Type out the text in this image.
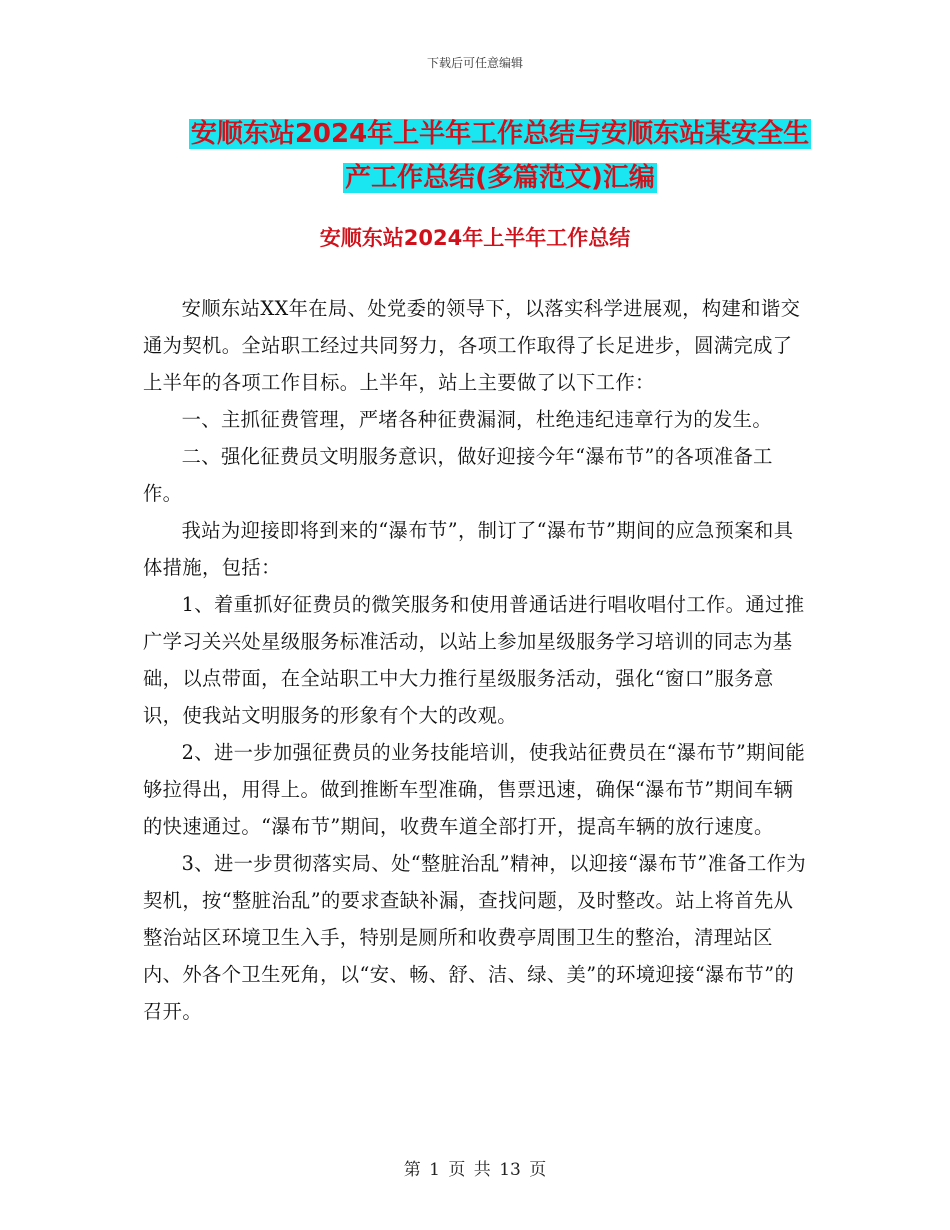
下载后可任意编辑
安顺东站2024年上半年工作总结与安顺东站某安全生
产工作总结(多篇范文)汇编
安顺东站2024年上半年工作总结

安顺东站XX年在局、处党委的领导下，以落实科学进展观，构建和谐交通为契机。全站职工经过共同努力，各项工作取得了长足进步，圆满完成了上半年的各项工作目标。上半年，站上主要做了以下工作：

一、主抓征费管理，严堵各种征费漏洞，杜绝违纪违章行为的发生。

二、强化征费员文明服务意识，做好迎接今年“瀑布节”的各项准备工作。

我站为迎接即将到来的“瀑布节”，制订了“瀑布节”期间的应急预案和具体措施，包括：

1、着重抓好征费员的微笑服务和使用普通话进行唱收唱付工作。通过推广学习关兴处星级服务标准活动，以站上参加星级服务学习培训的同志为基础，以点带面，在全站职工中大力推行星级服务活动，强化“窗口”服务意识，使我站文明服务的形象有个大的改观。

2、进一步加强征费员的业务技能培训，使我站征费员在“瀑布节”期间能够拉得出，用得上。做到推断车型准确，售票迅速，确保“瀑布节”期间车辆的快速通过。“瀑布节”期间，收费车道全部打开，提高车辆的放行速度。

3、进一步贯彻落实局、处“整脏治乱”精神，以迎接“瀑布节”准备工作为契机，按“整脏治乱”的要求查缺补漏，查找问题，及时整改。站上将首先从整治站区环境卫生入手，特别是厕所和收费亭周围卫生的整治，清理站区内、外各个卫生死角，以“安、畅、舒、洁、绿、美”的环境迎接“瀑布节”的召开。

第 1 页 共 13 页
